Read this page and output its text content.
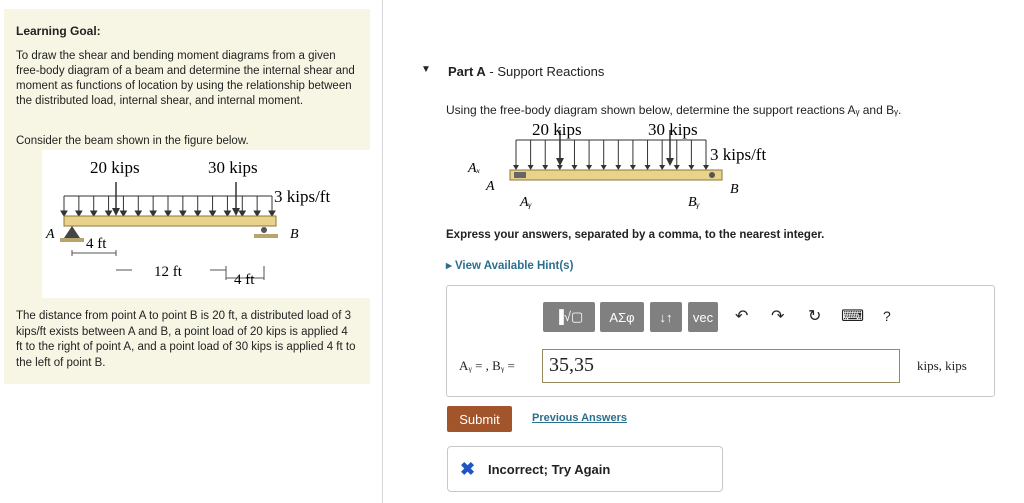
Learning Goal:
To draw the shear and bending moment diagrams from a given free-body diagram of a beam and determine the internal shear and moment as functions of location by using the relationship between the distributed load, internal shear, and internal moment.
Consider the beam shown in the figure below.
20 kips	30 kips
3 kips/ft
A	B
4 ft
12 ft	4 ft
The distance from point A to point B is 20 ft, a distributed load of 3 kips/ft exists between A and B, a point load of 20 kips is applied 4 ft to the right of point A, and a point load of 30 kips is applied 4 ft to the left of point B.
▼ Part A - Support Reactions
Using the free-body diagram shown below, determine the support reactions Aᵧ and Bᵧ.
20 kips	30 kips
3 kips/ft
Aₓ
A
Aᵧ	Bᵧ
B
Express your answers, separated by a comma, to the nearest integer.
▸ View Available Hint(s)
▐√▢	ΑΣφ	↓↑	vec	↶ ↷ ↻ ⌨ ?
Aᵧ = , Bᵧ =	35,35	kips, kips
Submit	Previous Answers
✖ Incorrect; Try Again
